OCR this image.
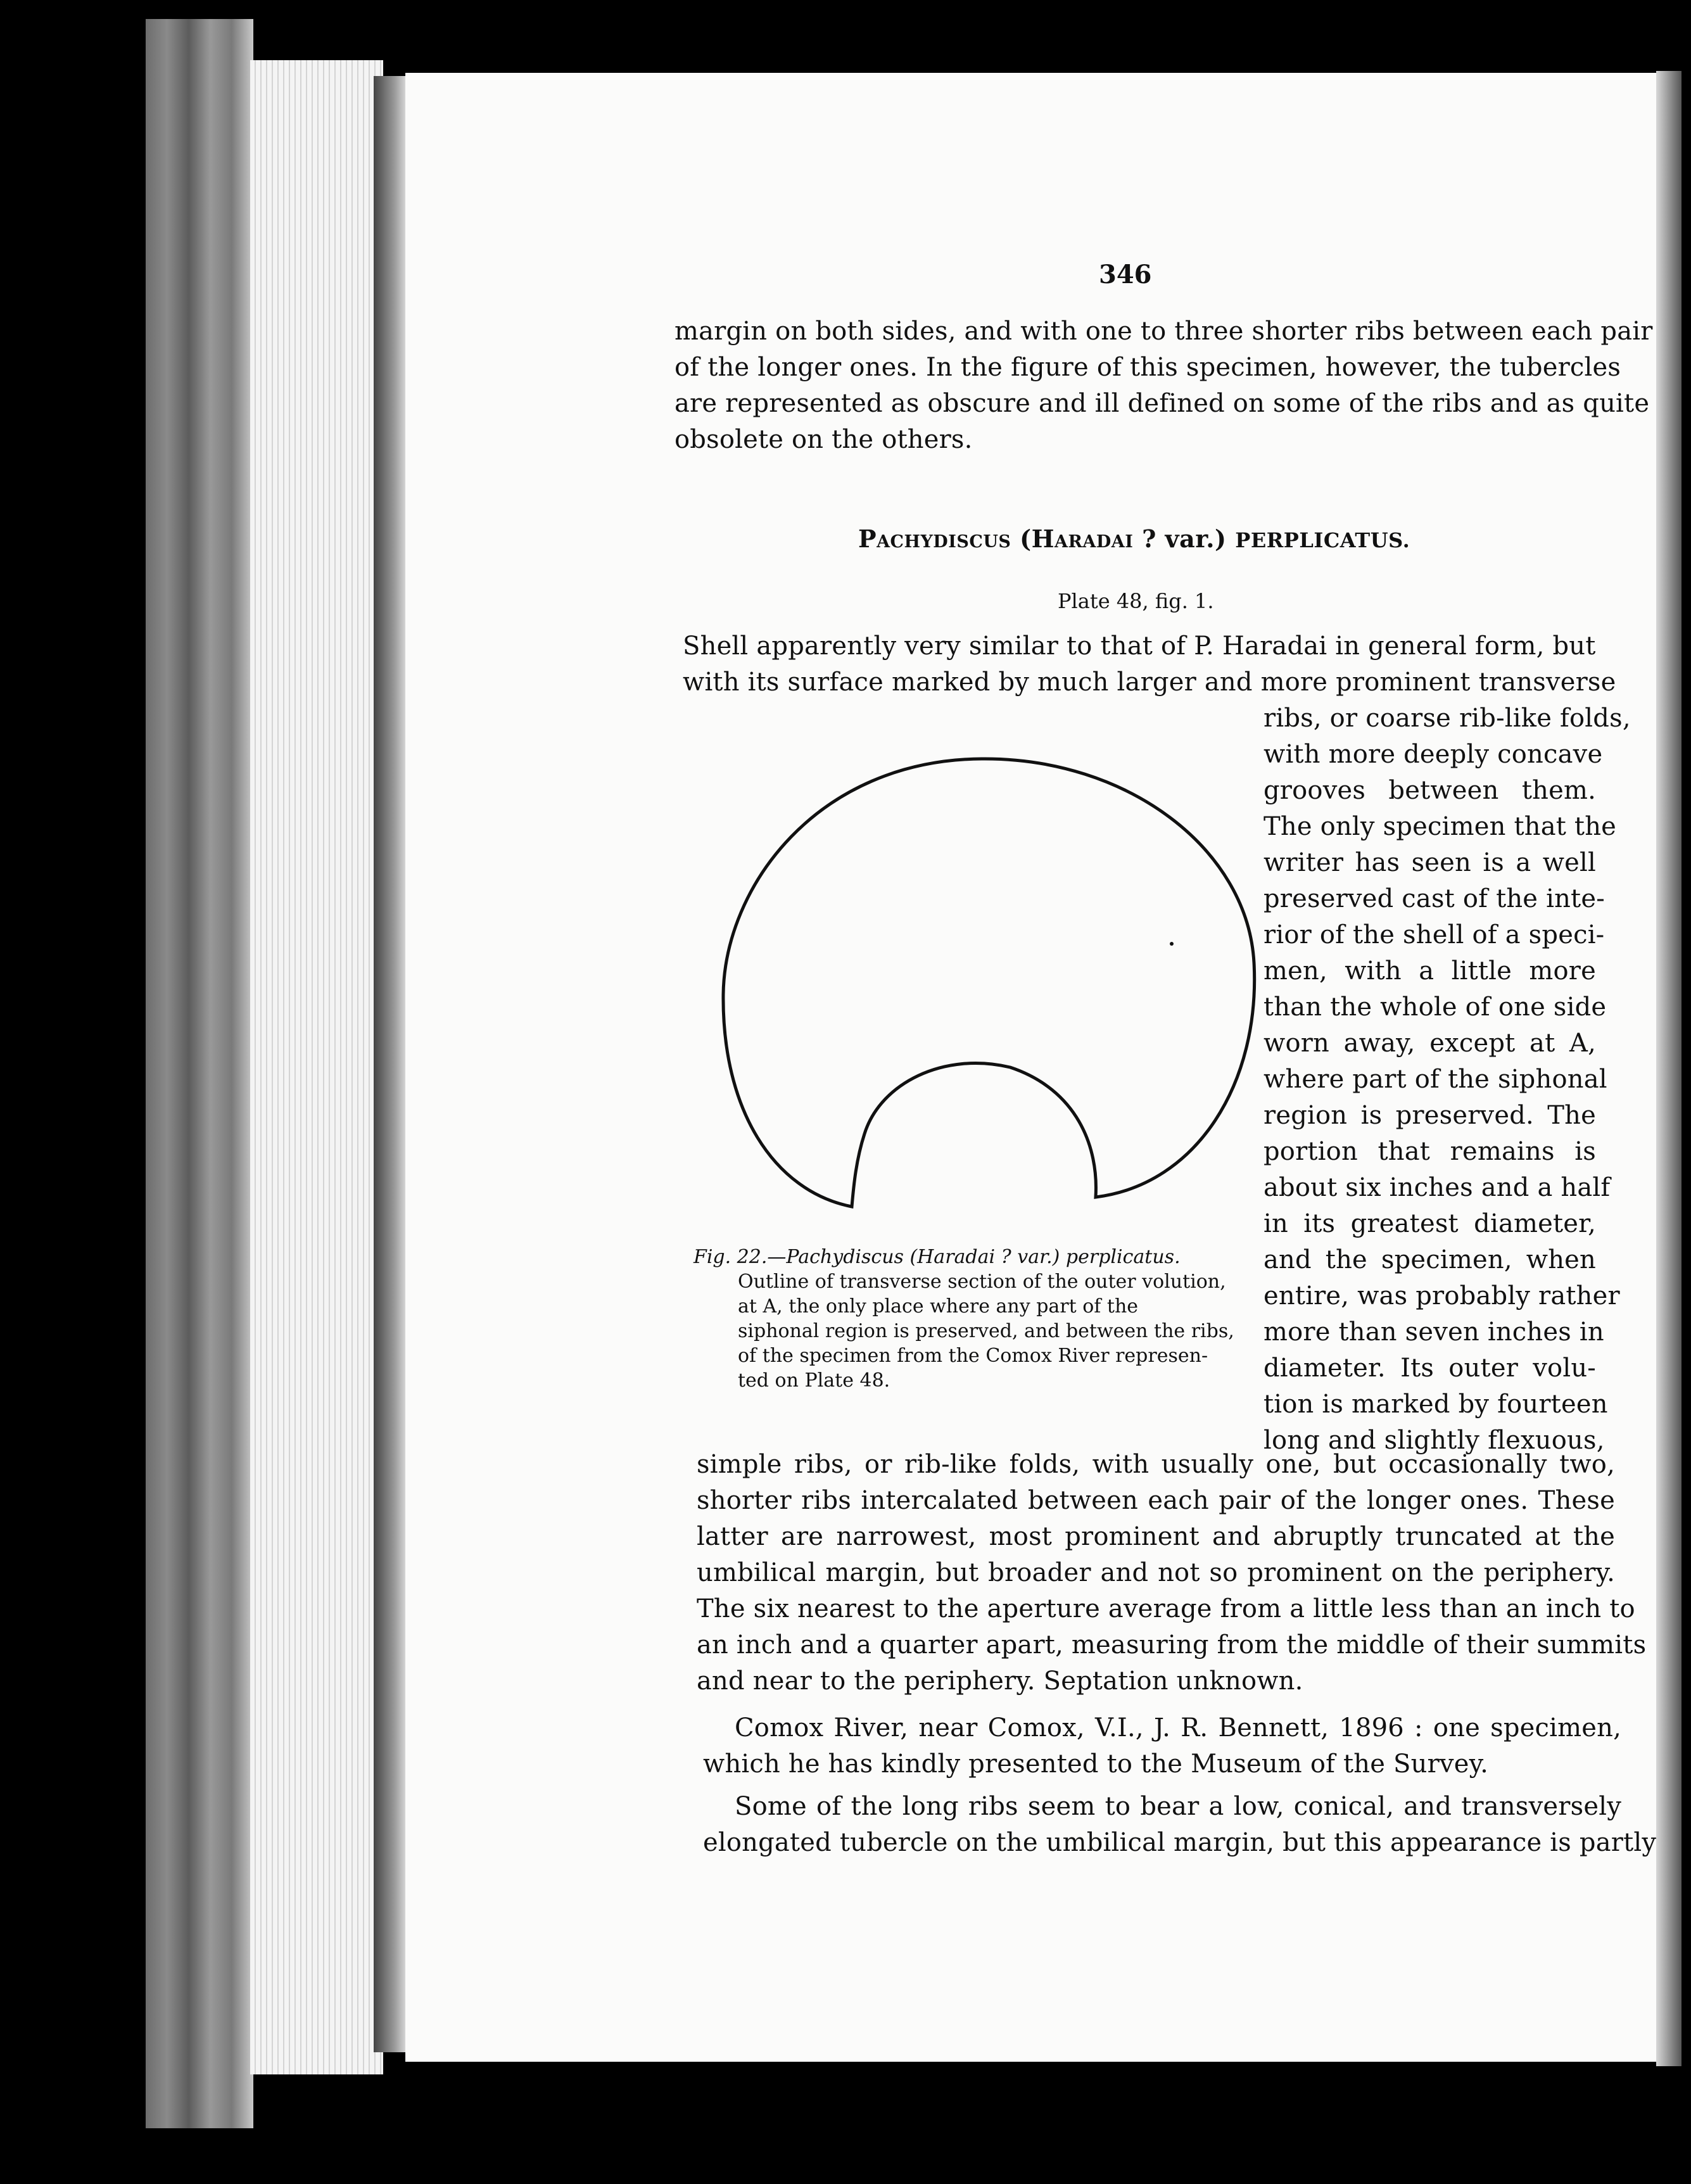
346
margin on both sides, and with one to three shorter ribs between each pair
of the longer ones. In the figure of this specimen, however, the tubercles
are represented as obscure and ill defined on some of the ribs and as quite
obsolete on the others.
Pachydiscus (Haradai ? var.) PERPLICATUS.
Plate 48, fig. 1.
Shell apparently very similar to that of P. Haradai in general form, but
with its surface marked by much larger and more prominent transverse
ribs, or coarse rib-like folds,
with more deeply concave
grooves between them.
The only specimen that the
writer has seen is a well
preserved cast of the inte-
rior of the shell of a speci-
men, with a little more
than the whole of one side
worn away, except at A,
where part of the siphonal
region is preserved. The
portion that remains is
about six inches and a half
in its greatest diameter,
and the specimen, when
entire, was probably rather
more than seven inches in
diameter. Its outer volu-
tion is marked by fourteen
long and slightly flexuous,
Fig. 22.—Pachydiscus (Haradai ? var.) perplicatus.
Outline of transverse section of the outer volution,
at A, the only place where any part of the
siphonal region is preserved, and between the ribs,
of the specimen from the Comox River represen-
ted on Plate 48.
simple ribs, or rib-like folds, with usually one, but occasionally two,
shorter ribs intercalated between each pair of the longer ones. These
latter are narrowest, most prominent and abruptly truncated at the
umbilical margin, but broader and not so prominent on the periphery.
The six nearest to the aperture average from a little less than an inch to
an inch and a quarter apart, measuring from the middle of their summits
and near to the periphery. Septation unknown.
Comox River, near Comox, V.I., J. R. Bennett, 1896 : one specimen,
which he has kindly presented to the Museum of the Survey.
Some of the long ribs seem to bear a low, conical, and transversely
elongated tubercle on the umbilical margin, but this appearance is partly
